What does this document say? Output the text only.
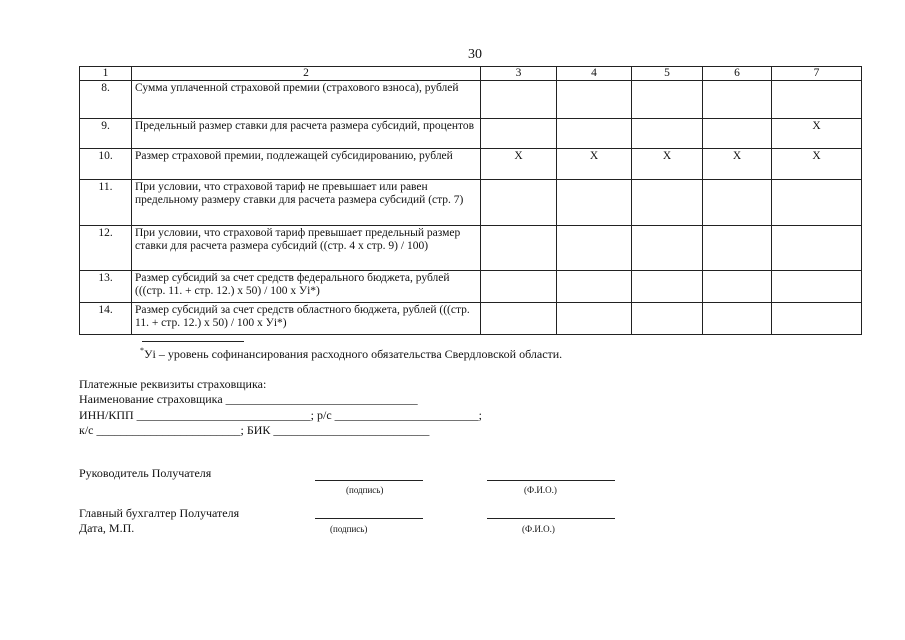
30
1	2	3	4	5	6	7
8.	Сумма уплаченной страховой премии (страхового взноса), рублей					
9.	Предельный размер ставки для расчета размера субсидий, процентов					X
10.	Размер страховой премии, подлежащей субсидированию, рублей	X	X	X	X	X
11.	При условии, что страховой тариф не превышает или равен предельному размеру ставки для расчета размера субсидий (стр. 7)					
12.	При условии, что страховой тариф превышает предельный размер ставки для расчета размера субсидий ((стр. 4 х стр. 9) / 100)					
13.	Размер субсидий за счет средств федерального бюджета, рублей (((стр. 11. + стр. 12.) х 50) / 100 х Уi*)					
14.	Размер субсидий за счет средств областного бюджета, рублей (((стр. 11. + стр. 12.) х 50) / 100 х Уi*)					
*Уi – уровень софинансирования расходного обязательства Свердловской области.
Платежные реквизиты страховщика:
Наименование страховщика ________________________________
ИНН/КПП _____________________________; р/с ________________________;
к/с ________________________; БИК __________________________
Руководитель Получателя
(подпись)	(Ф.И.О.)
Главный бухгалтер Получателя
Дата, М.П.	(подпись)	(Ф.И.О.)
